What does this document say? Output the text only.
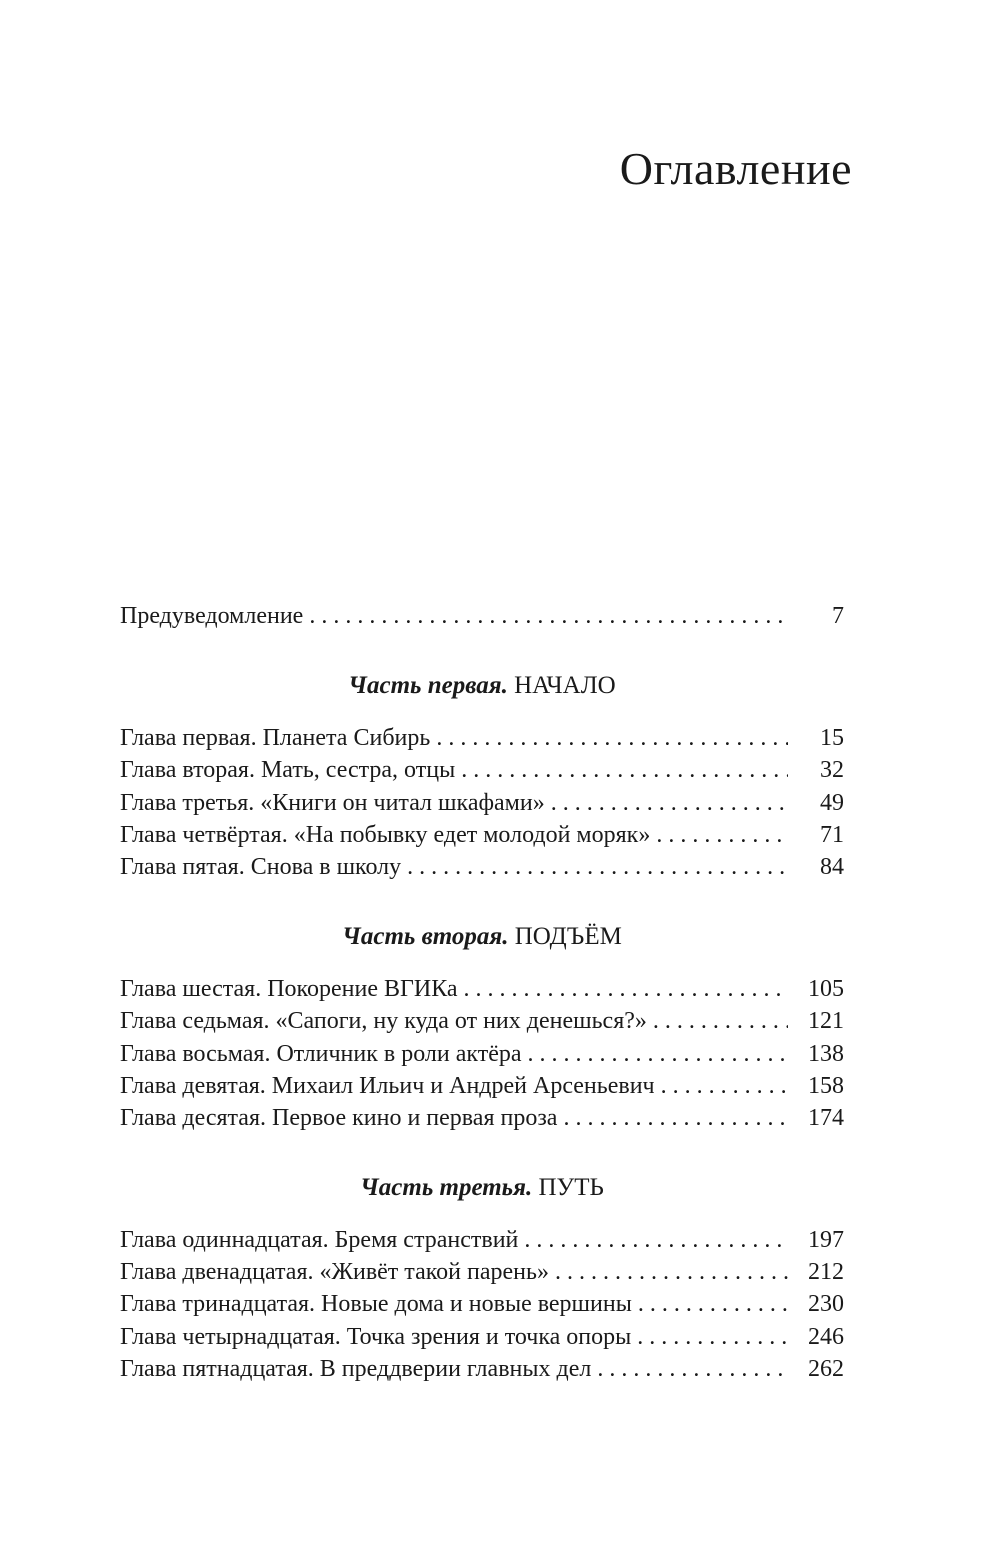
Оглавление
Предуведомление . . .	7
Часть первая. НАЧАЛО
Глава первая. Планета Сибирь . . .	15
Глава вторая. Мать, сестра, отцы . . .	32
Глава третья. «Книги он читал шкафами» . . .	49
Глава четвёртая. «На побывку едет молодой моряк» . . .	71
Глава пятая. Снова в школу . . .	84
Часть вторая. ПОДЪЁМ
Глава шестая. Покорение ВГИКа . . .	105
Глава седьмая. «Сапоги, ну куда от них денешься?» . . .	121
Глава восьмая. Отличник в роли актёра . . .	138
Глава девятая. Михаил Ильич и Андрей Арсеньевич . . .	158
Глава десятая. Первое кино и первая проза . . .	174
Часть третья. ПУТЬ
Глава одиннадцатая. Бремя странствий . . .	197
Глава двенадцатая. «Живёт такой парень» . . .	212
Глава тринадцатая. Новые дома и новые вершины . . .	230
Глава четырнадцатая. Точка зрения и точка опоры . . .	246
Глава пятнадцатая. В преддверии главных дел . . .	262
